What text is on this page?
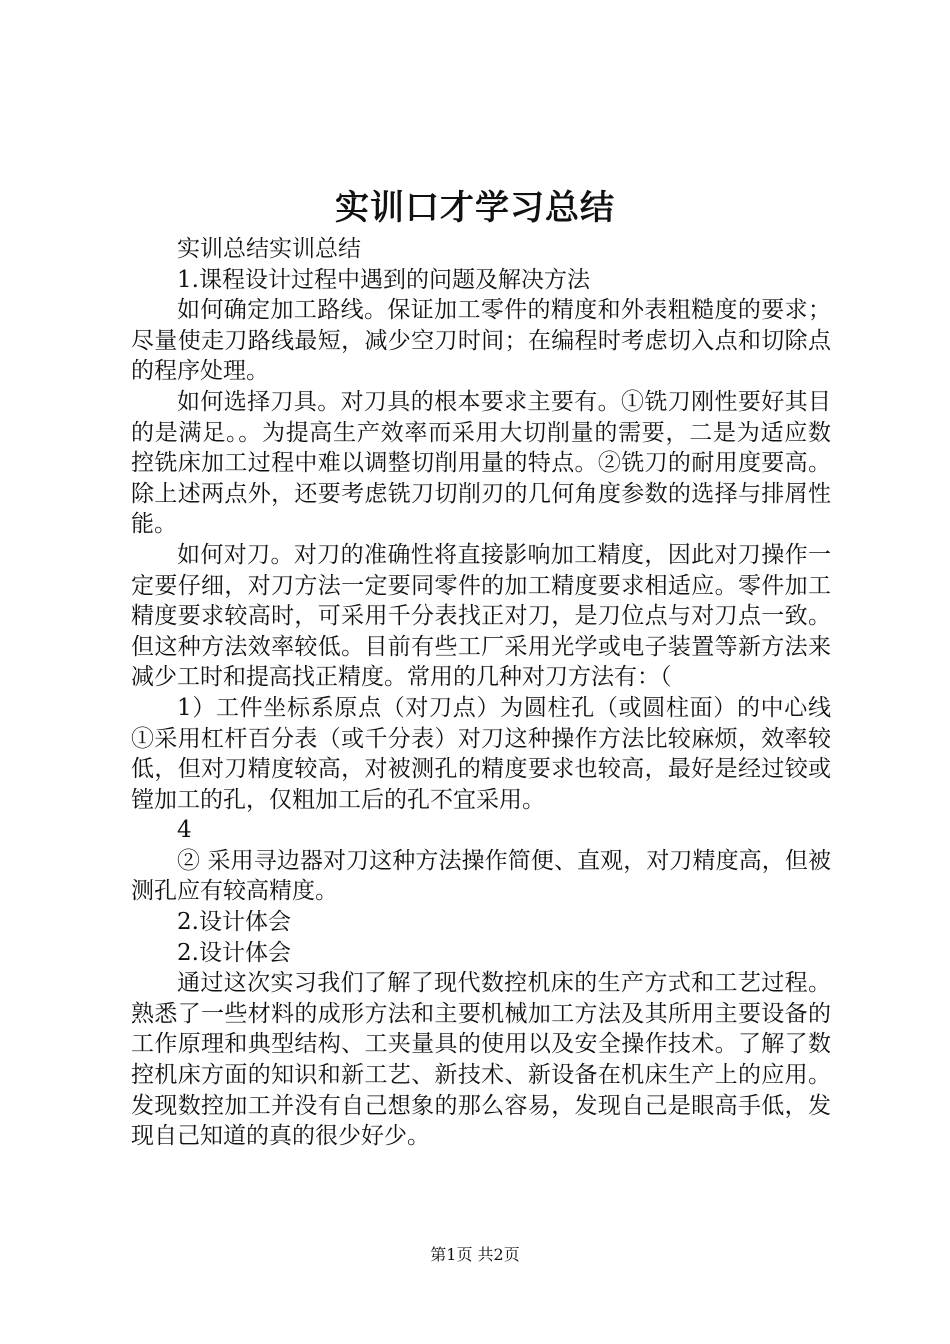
实训口才学习总结

实训总结实训总结

1.课程设计过程中遇到的问题及解决方法

如何确定加工路线。保证加工零件的精度和外表粗糙度的要求；尽量使走刀路线最短，减少空刀时间；在编程时考虑切入点和切除点的程序处理。

如何选择刀具。对刀具的根本要求主要有。①铣刀刚性要好其目的是满足。。为提高生产效率而采用大切削量的需要，二是为适应数控铣床加工过程中难以调整切削用量的特点。②铣刀的耐用度要高。除上述两点外，还要考虑铣刀切削刃的几何角度参数的选择与排屑性能。

如何对刀。对刀的准确性将直接影响加工精度，因此对刀操作一定要仔细，对刀方法一定要同零件的加工精度要求相适应。零件加工精度要求较高时，可采用千分表找正对刀，是刀位点与对刀点一致。但这种方法效率较低。目前有些工厂采用光学或电子装置等新方法来减少工时和提高找正精度。常用的几种对刀方法有：（

1）工件坐标系原点（对刀点）为圆柱孔（或圆柱面）的中心线①采用杠杆百分表（或千分表）对刀这种操作方法比较麻烦，效率较低，但对刀精度较高，对被测孔的精度要求也较高，最好是经过铰或镗加工的孔，仅粗加工后的孔不宜采用。

4

② 采用寻边器对刀这种方法操作简便、直观，对刀精度高，但被测孔应有较高精度。

2.设计体会

2.设计体会

通过这次实习我们了解了现代数控机床的生产方式和工艺过程。熟悉了一些材料的成形方法和主要机械加工方法及其所用主要设备的工作原理和典型结构、工夹量具的使用以及安全操作技术。了解了数控机床方面的知识和新工艺、新技术、新设备在机床生产上的应用。发现数控加工并没有自己想象的那么容易，发现自己是眼高手低，发现自己知道的真的很少好少。

第1页 共2页
